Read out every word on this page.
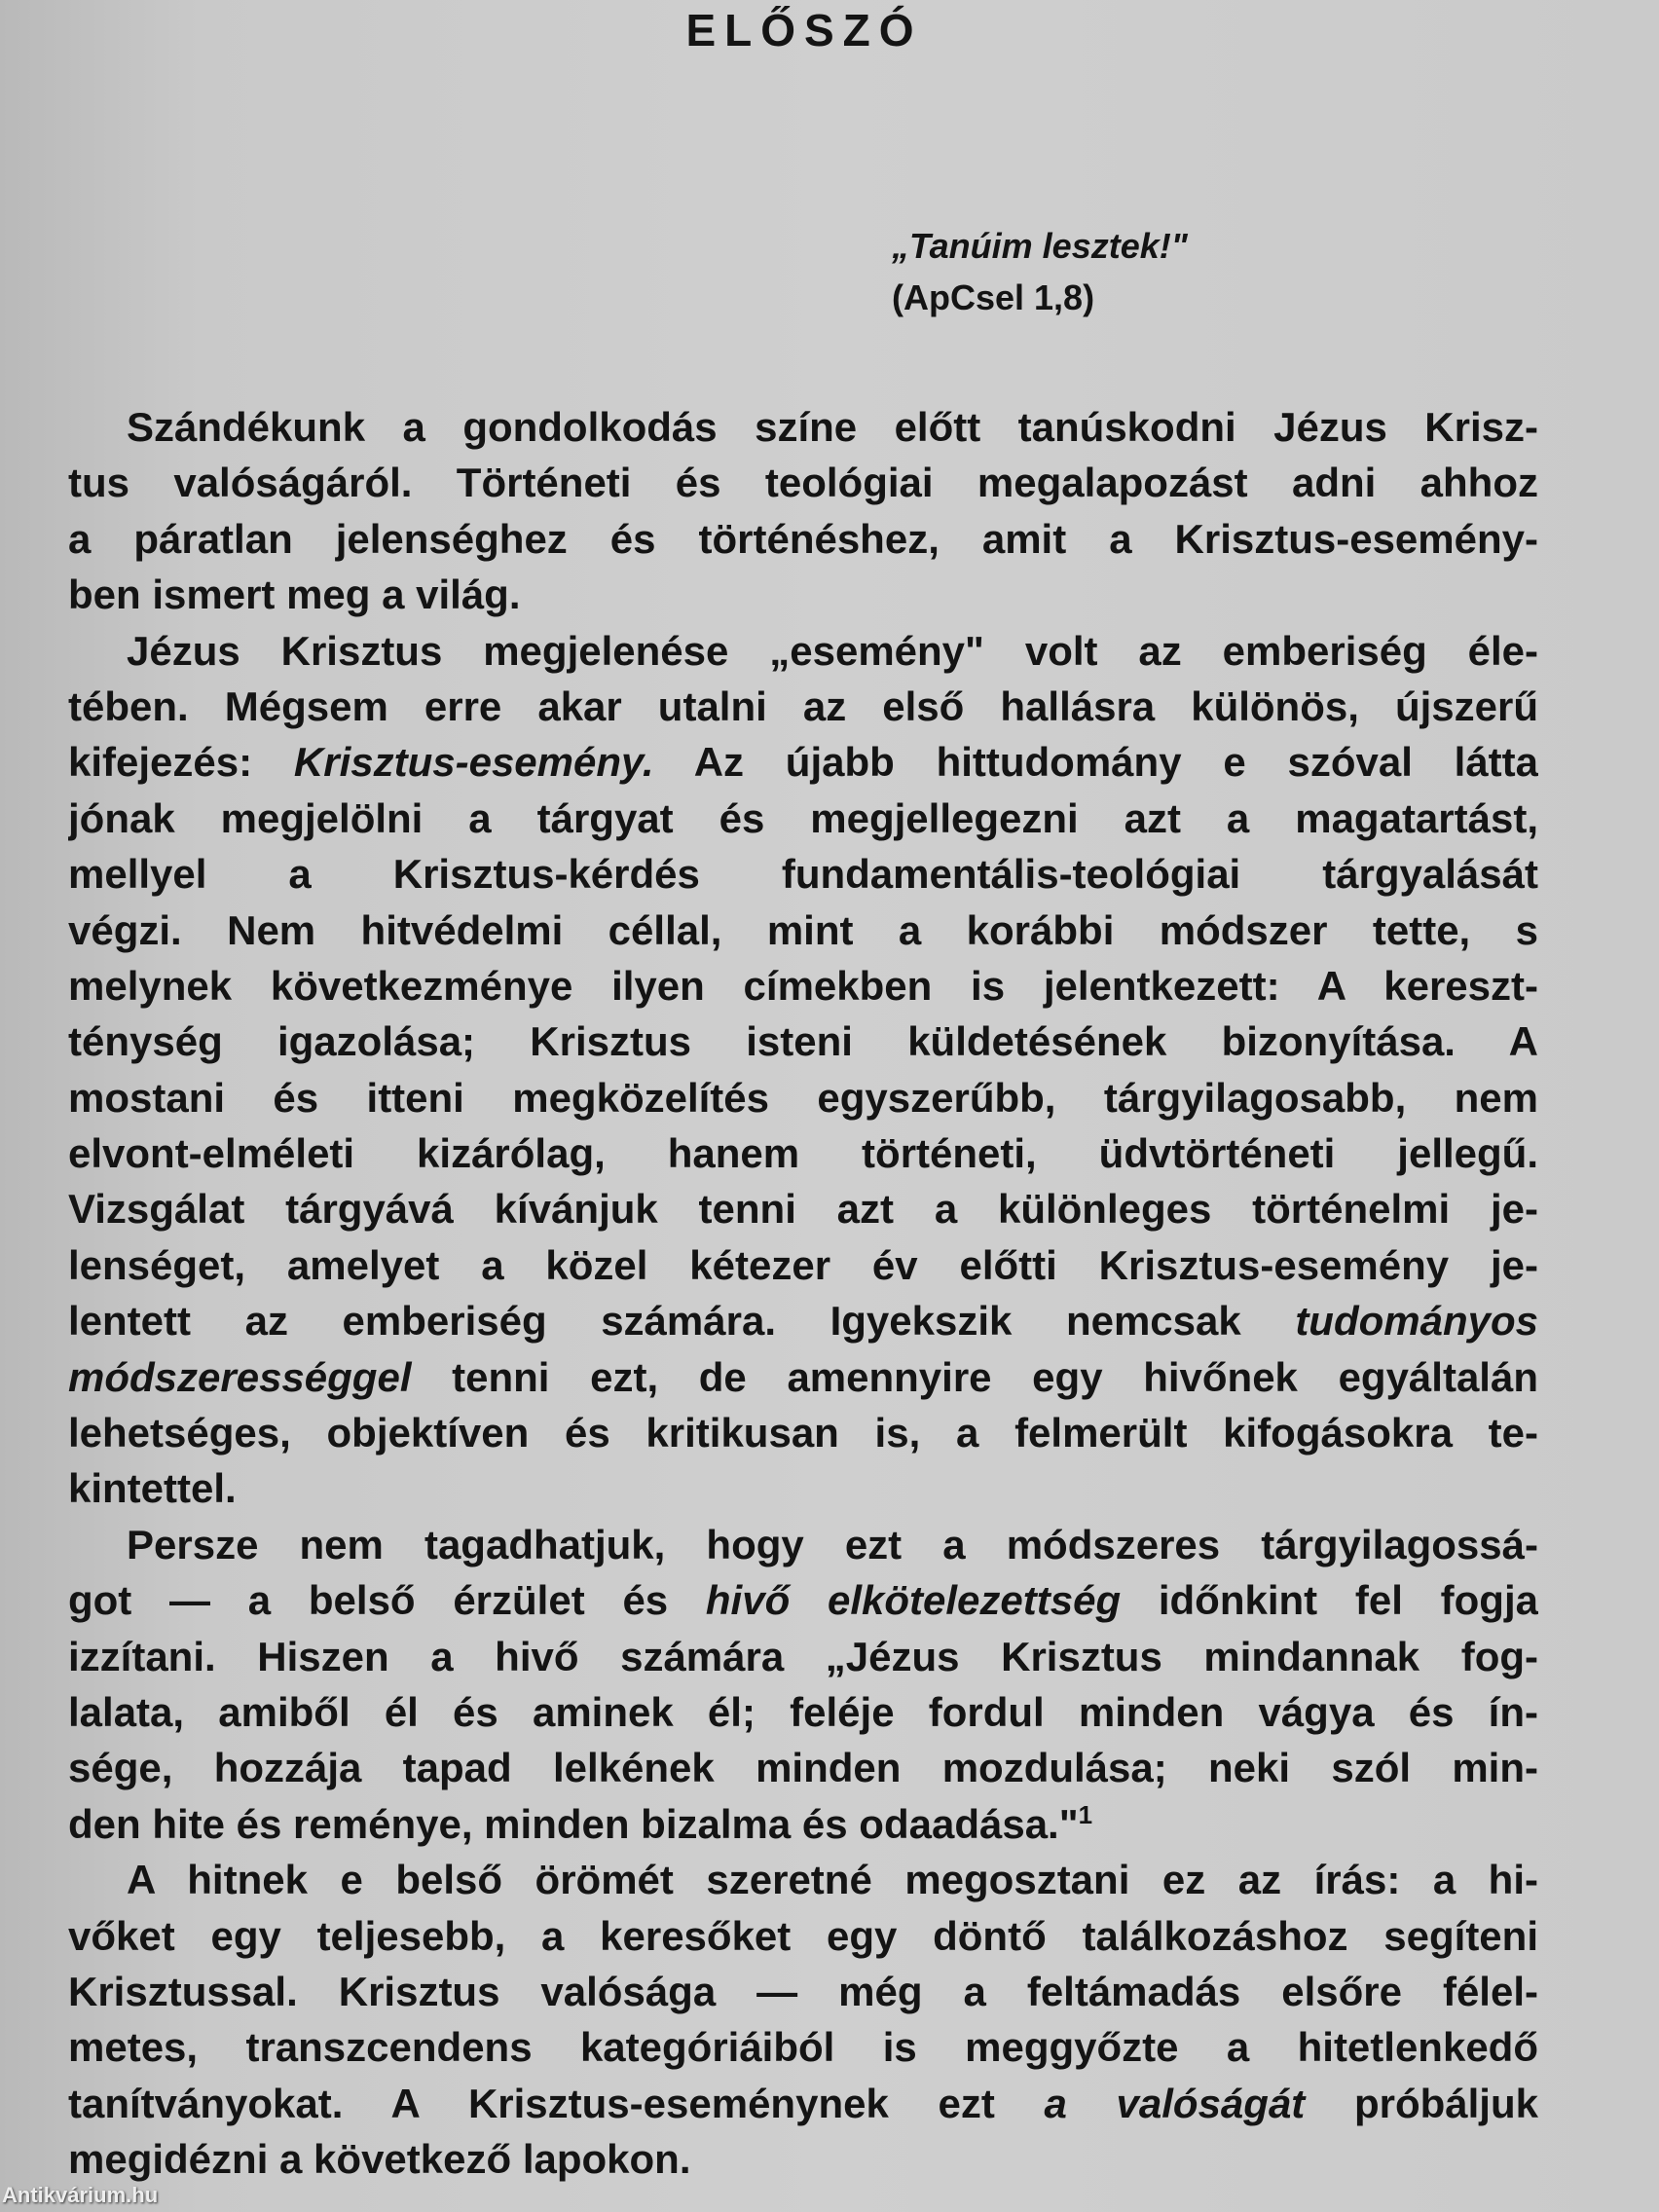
ELŐSZÓ
„Tanúim lesztek!"
(ApCsel 1,8)
Szándékunk a gondolkodás színe előtt tanúskodni Jézus Krisz-
tus valóságáról. Történeti és teológiai megalapozást adni ahhoz
a páratlan jelenséghez és történéshez, amit a Krisztus-esemény-
ben ismert meg a világ.
Jézus Krisztus megjelenése „esemény" volt az emberiség éle-
tében. Mégsem erre akar utalni az első hallásra különös, újszerű
kifejezés: Krisztus-esemény. Az újabb hittudomány e szóval látta
jónak megjelölni a tárgyat és megjellegezni azt a magatartást,
mellyel a Krisztus-kérdés fundamentális-teológiai tárgyalását
végzi. Nem hitvédelmi céllal, mint a korábbi módszer tette, s
melynek következménye ilyen címekben is jelentkezett: A kereszt-
ténység igazolása; Krisztus isteni küldetésének bizonyítása. A
mostani és itteni megközelítés egyszerűbb, tárgyilagosabb, nem
elvont-elméleti kizárólag, hanem történeti, üdvtörténeti jellegű.
Vizsgálat tárgyává kívánjuk tenni azt a különleges történelmi je-
lenséget, amelyet a közel kétezer év előtti Krisztus-esemény je-
lentett az emberiség számára. Igyekszik nemcsak tudományos
módszerességgel tenni ezt, de amennyire egy hivőnek egyáltalán
lehetséges, objektíven és kritikusan is, a felmerült kifogásokra te-
kintettel.
Persze nem tagadhatjuk, hogy ezt a módszeres tárgyilagossá-
got — a belső érzület és hivő elkötelezettség időnkint fel fogja
izzítani. Hiszen a hivő számára „Jézus Krisztus mindannak fog-
lalata, amiből él és aminek él; feléje fordul minden vágya és ín-
sége, hozzája tapad lelkének minden mozdulása; neki szól min-
den hite és reménye, minden bizalma és odaadása."$^1$
A hitnek e belső örömét szeretné megosztani ez az írás: a hi-
vőket egy teljesebb, a keresőket egy döntő találkozáshoz segíteni
Krisztussal. Krisztus valósága — még a feltámadás elsőre félel-
metes, transzcendens kategóriáiból is meggyőzte a hitetlenkedő
tanítványokat. A Krisztus-eseménynek ezt a valóságát próbáljuk
megidézni a következő lapokon.
Antikvárium.hu
